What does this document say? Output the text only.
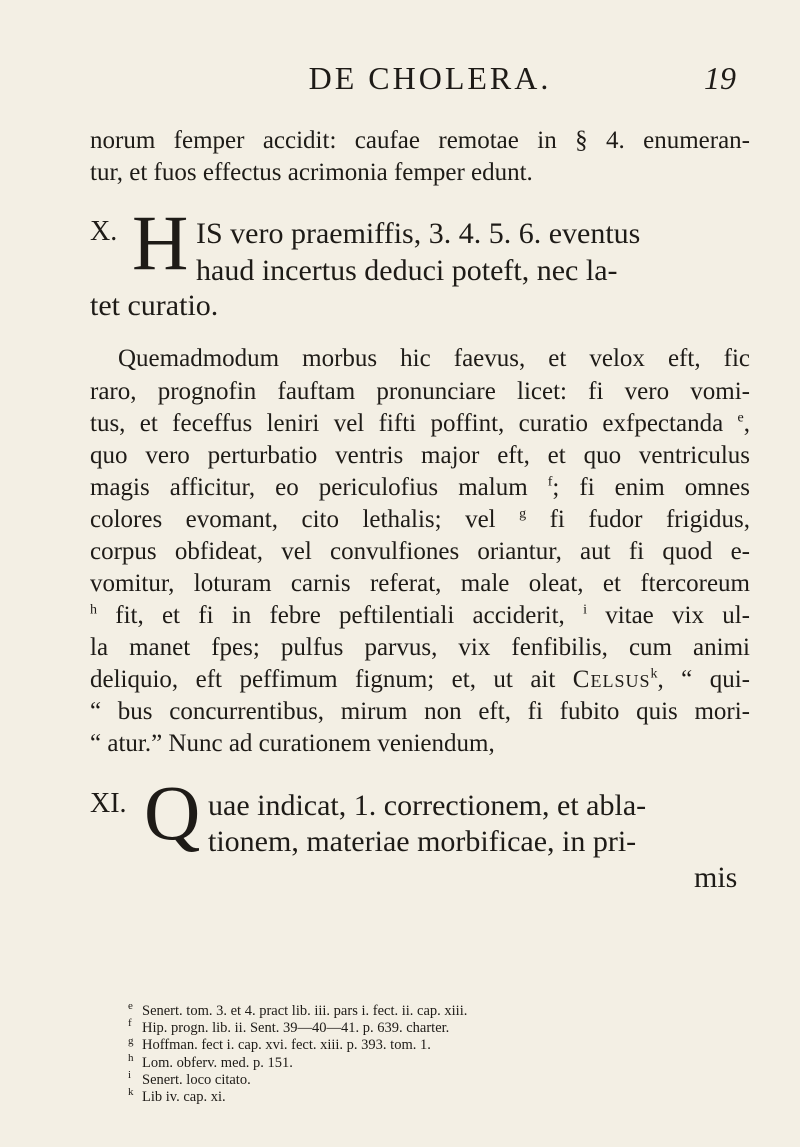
DE CHOLERA.	19
norum femper accidit: caufae remotae in § 4. enumeran-
tur, et fuos effectus acrimonia femper edunt.
X. H IS vero praemiffis, 3. 4. 5. 6. eventus
haud incertus deduci poteft, nec la-
tet curatio.
Quemadmodum morbus hic faevus, et velox eft, fic
raro, prognofin fauftam pronunciare licet: fi vero vomi-
tus, et feceffus leniri vel fifti poffint, curatio exfpectanda $^e$,
quo vero perturbatio ventris major eft, et quo ventriculus
magis afficitur, eo periculofius malum $^f$; fi enim omnes
colores evomant, cito lethalis; vel $^g$ fi fudor frigidus,
corpus obfideat, vel convulfiones oriantur, aut fi quod e-
vomitur, loturam carnis referat, male oleat, et ftercoreum
$^h$ fit, et fi in febre peftilentiali acciderit, $^i$ vitae vix ul-
la manet fpes; pulfus parvus, vix fenfibilis, cum animi
deliquio, eft peffimum fignum; et, ut ait Celsus$^k$, “ qui-
“ bus concurrentibus, mirum non eft, fi fubito quis mori-
“ atur.” Nunc ad curationem veniendum,
XI. Q uae indicat, 1. correctionem, et abla-
tionem, materiae morbificae, in pri-
mis
e Senert. tom. 3. et 4. pract lib. iii. pars i. fect. ii. cap. xiii.
f Hip. progn. lib. ii. Sent. 39—40—41. p. 639. charter.
g Hoffman. fect i. cap. xvi. fect. xiii. p. 393. tom. 1.
h Lom. obferv. med. p. 151.
i Senert. loco citato.
k Lib iv. cap. xi.
